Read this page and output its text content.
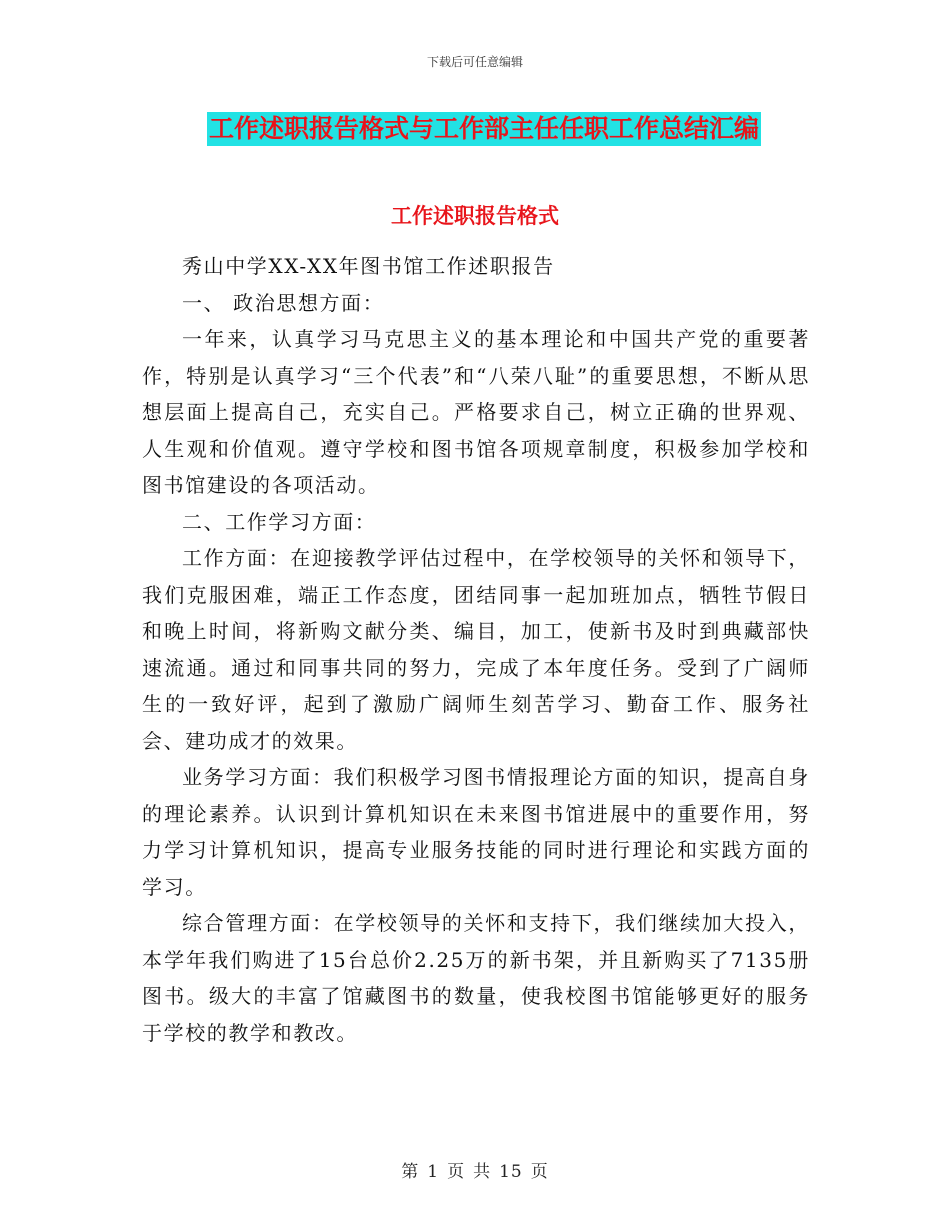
下载后可任意编辑
工作述职报告格式与工作部主任任职工作总结汇编
工作述职报告格式

秀山中学XX-XX年图书馆工作述职报告

一、 政治思想方面：

一年来，认真学习马克思主义的基本理论和中国共产党的重要著作，特别是认真学习“三个代表”和“八荣八耻”的重要思想，不断从思想层面上提高自己，充实自己。严格要求自己，树立正确的世界观、人生观和价值观。遵守学校和图书馆各项规章制度，积极参加学校和图书馆建设的各项活动。

二、工作学习方面：

工作方面：在迎接教学评估过程中，在学校领导的关怀和领导下，我们克服困难，端正工作态度，团结同事一起加班加点，牺牲节假日和晚上时间，将新购文献分类、编目，加工，使新书及时到典藏部快速流通。通过和同事共同的努力，完成了本年度任务。受到了广阔师生的一致好评，起到了激励广阔师生刻苦学习、勤奋工作、服务社会、建功成才的效果。

业务学习方面：我们积极学习图书情报理论方面的知识，提高自身的理论素养。认识到计算机知识在未来图书馆进展中的重要作用，努力学习计算机知识，提高专业服务技能的同时进行理论和实践方面的学习。

综合管理方面：在学校领导的关怀和支持下，我们继续加大投入，本学年我们购进了15台总价2.25万的新书架，并且新购买了7135册图书。级大的丰富了馆藏图书的数量，使我校图书馆能够更好的服务于学校的教学和教改。

第 1 页 共 15 页
